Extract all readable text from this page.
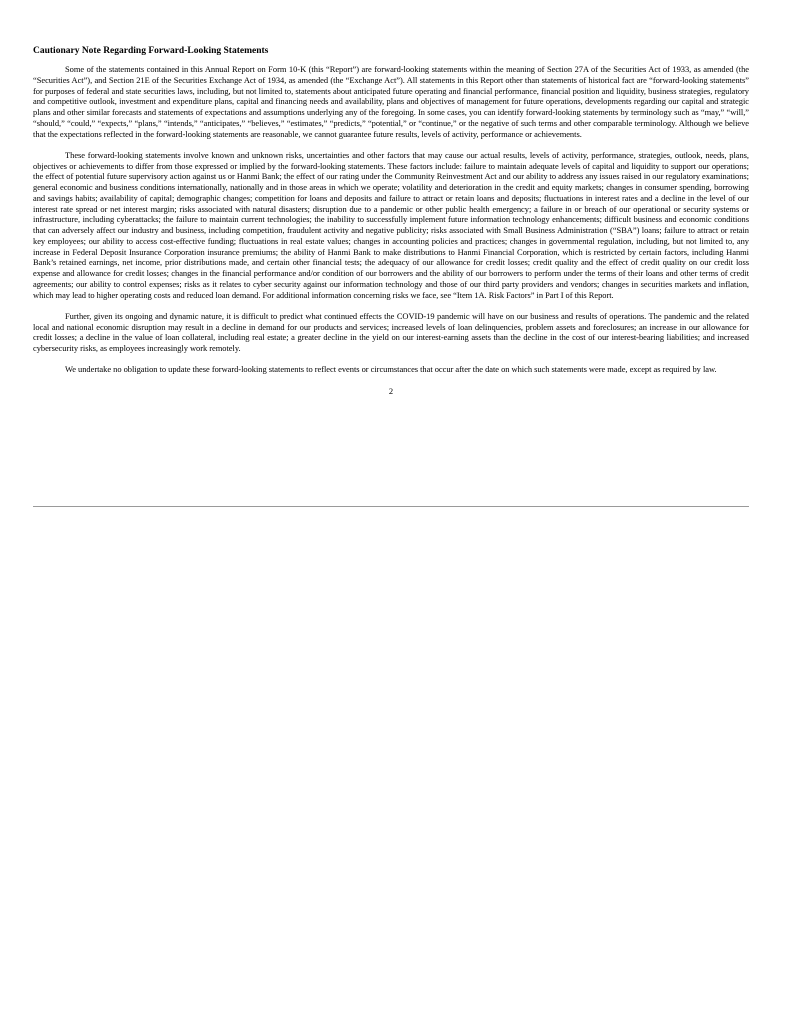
Cautionary Note Regarding Forward-Looking Statements

Some of the statements contained in this Annual Report on Form 10-K (this “Report”) are forward-looking statements within the meaning of Section 27A of the Securities Act of 1933, as amended (the “Securities Act”), and Section 21E of the Securities Exchange Act of 1934, as amended (the “Exchange Act”). All statements in this Report other than statements of historical fact are “forward-looking statements” for purposes of federal and state securities laws, including, but not limited to, statements about anticipated future operating and financial performance, financial position and liquidity, business strategies, regulatory and competitive outlook, investment and expenditure plans, capital and financing needs and availability, plans and objectives of management for future operations, developments regarding our capital and strategic plans and other similar forecasts and statements of expectations and assumptions underlying any of the foregoing. In some cases, you can identify forward-looking statements by terminology such as “may,” “will,” “should,” “could,” “expects,” “plans,” “intends,” “anticipates,” “believes,” “estimates,” “predicts,” “potential,” or “continue,” or the negative of such terms and other comparable terminology. Although we believe that the expectations reflected in the forward-looking statements are reasonable, we cannot guarantee future results, levels of activity, performance or achievements.

These forward-looking statements involve known and unknown risks, uncertainties and other factors that may cause our actual results, levels of activity, performance, strategies, outlook, needs, plans, objectives or achievements to differ from those expressed or implied by the forward-looking statements. These factors include: failure to maintain adequate levels of capital and liquidity to support our operations; the effect of potential future supervisory action against us or Hanmi Bank; the effect of our rating under the Community Reinvestment Act and our ability to address any issues raised in our regulatory examinations; general economic and business conditions internationally, nationally and in those areas in which we operate; volatility and deterioration in the credit and equity markets; changes in consumer spending, borrowing and savings habits; availability of capital; demographic changes; competition for loans and deposits and failure to attract or retain loans and deposits; fluctuations in interest rates and a decline in the level of our interest rate spread or net interest margin; risks associated with natural disasters; disruption due to a pandemic or other public health emergency; a failure in or breach of our operational or security systems or infrastructure, including cyberattacks; the failure to maintain current technologies; the inability to successfully implement future information technology enhancements; difficult business and economic conditions that can adversely affect our industry and business, including competition, fraudulent activity and negative publicity; risks associated with Small Business Administration (“SBA”) loans; failure to attract or retain key employees; our ability to access cost-effective funding; fluctuations in real estate values; changes in accounting policies and practices; changes in governmental regulation, including, but not limited to, any increase in Federal Deposit Insurance Corporation insurance premiums; the ability of Hanmi Bank to make distributions to Hanmi Financial Corporation, which is restricted by certain factors, including Hanmi Bank’s retained earnings, net income, prior distributions made, and certain other financial tests; the adequacy of our allowance for credit losses; credit quality and the effect of credit quality on our credit loss expense and allowance for credit losses; changes in the financial performance and/or condition of our borrowers and the ability of our borrowers to perform under the terms of their loans and other terms of credit agreements; our ability to control expenses; risks as it relates to cyber security against our information technology and those of our third party providers and vendors; changes in securities markets and inflation, which may lead to higher operating costs and reduced loan demand. For additional information concerning risks we face, see “Item 1A. Risk Factors” in Part I of this Report.

Further, given its ongoing and dynamic nature, it is difficult to predict what continued effects the COVID-19 pandemic will have on our business and results of operations. The pandemic and the related local and national economic disruption may result in a decline in demand for our products and services; increased levels of loan delinquencies, problem assets and foreclosures; an increase in our allowance for credit losses; a decline in the value of loan collateral, including real estate; a greater decline in the yield on our interest-earning assets than the decline in the cost of our interest-bearing liabilities; and increased cybersecurity risks, as employees increasingly work remotely.

We undertake no obligation to update these forward-looking statements to reflect events or circumstances that occur after the date on which such statements were made, except as required by law.

2
